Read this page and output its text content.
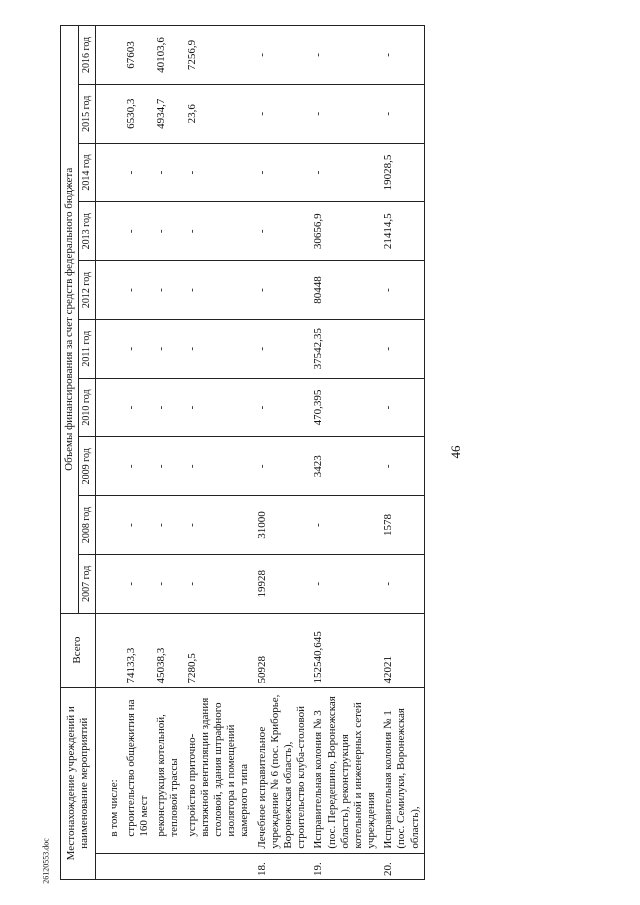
46
26120553.doc
Местонахождение учреждений и наименование мероприятий		Всего	Объемы финансирования за счет средств федерального бюджета									
			2007 год	2008 год	2009 год	2010 год	2011 год	2012 год	2013 год	2014 год	2015 год	2016 год

	в том числе:											
	строительство общежития на 160 мест	74133,3	-	-	-	-	-	-	-	-	6530,3	67603
	реконструкция котельной, тепловой трассы	45038,3	-	-	-	-	-	-	-	-	4934,7	40103,6
	устройство приточно-вытяжной вентиляции здания столовой, здания штрафного изолятора и помещений камерного типа	7280,5	-	-	-	-	-	-	-	-	23,6	7256,9
18.	Лечебное исправительное учреждение № 6 (пос. Криборье, Воронежская область), строительство клуба-столовой	50928	19928	31000	-	-	-	-	-	-	-	-
19.	Исправительная колония № 3 (пос. Передешино, Воронежская область), реконструкция котельной и инженерных сетей учреждения	152540,645	-	-	3423	470,395	37542,35	80448	30656,9	-	-	-
20.	Исправительная колония № 1 (пос. Семилуки, Воронежская область),	42021	-	1578	-	-	-	-	21414,5	19028,5	-	-
